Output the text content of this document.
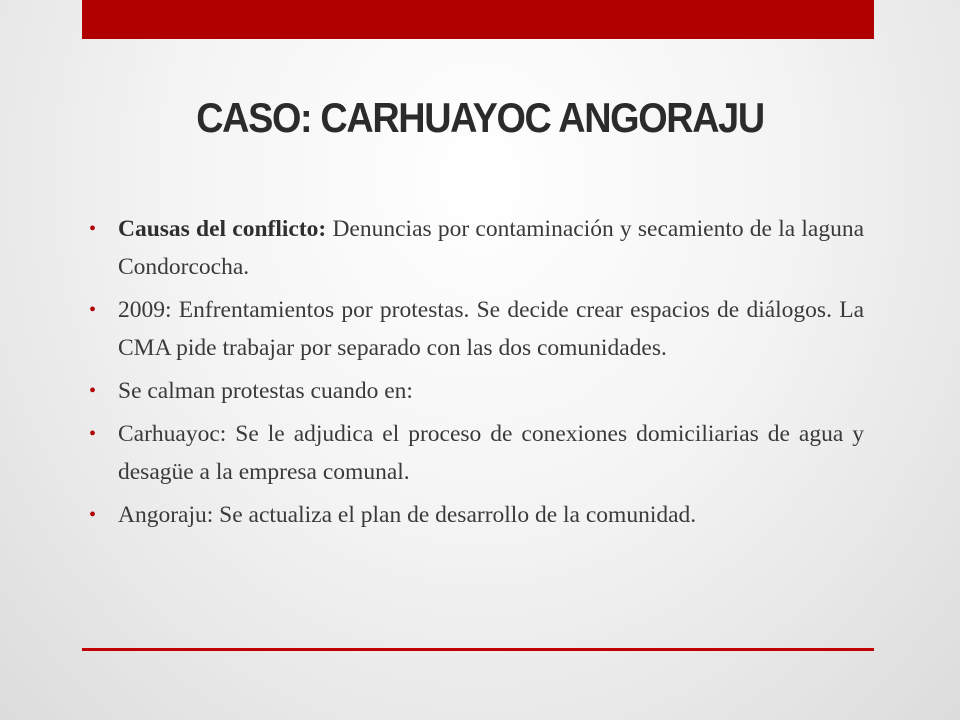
CASO: CARHUAYOC ANGORAJU
• Causas del conflicto: Denuncias por contaminación y secamiento de la laguna Condorcocha.
• 2009: Enfrentamientos por protestas. Se decide crear espacios de diálogos. La CMA pide trabajar por separado con las dos comunidades.
• Se calman protestas cuando en:
• Carhuayoc: Se le adjudica el proceso de conexiones domiciliarias de agua y desagüe a la empresa comunal.
• Angoraju: Se actualiza el plan de desarrollo de la comunidad.
